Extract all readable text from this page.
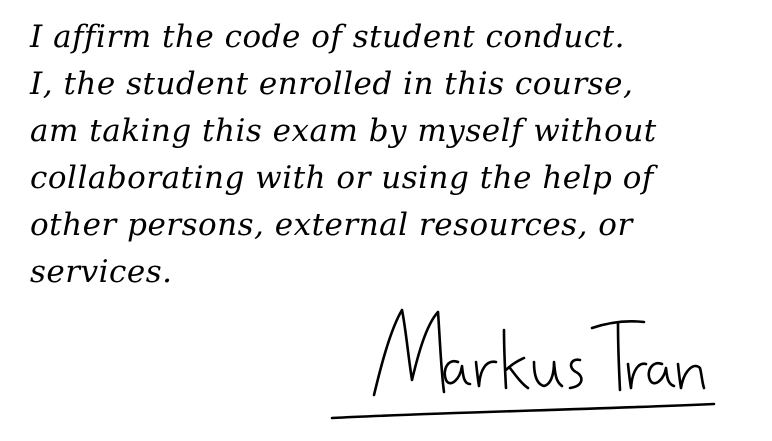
I affirm the code of student conduct.
I, the student enrolled in this course,
am taking this exam by myself without
collaborating with or using the help of
other persons, external resources, or
services.
